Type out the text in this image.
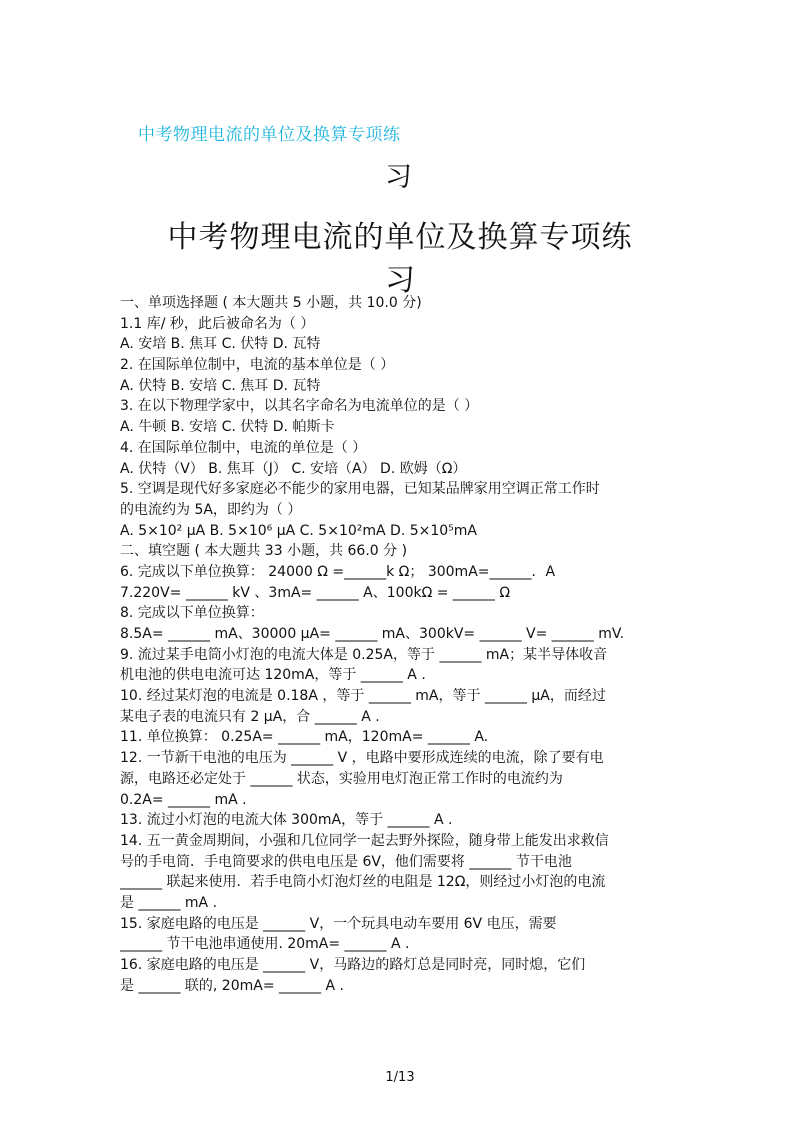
中考物理电流的单位及换算专项练
习
中考物理电流的单位及换算专项练
习
一、单项选择题 ( 本大题共 5 小题，共 10.0 分)
1.1 库/ 秒，此后被命名为（ ）
A. 安培 B. 焦耳 C. 伏特 D. 瓦特
2. 在国际单位制中，电流的基本单位是（ ）
A. 伏特 B. 安培 C. 焦耳 D. 瓦特
3. 在以下物理学家中，以其名字命名为电流单位的是（ ）
A. 牛顿 B. 安培 C. 伏特 D. 帕斯卡
4. 在国际单位制中，电流的单位是（ ）
A. 伏特（V） B. 焦耳（J） C. 安培（A） D. 欧姆（Ω）
5. 空调是现代好多家庭必不能少的家用电器，已知某品牌家用空调正常工作时
的电流约为 5A，即约为（ ）
A. 5×10² μA B. 5×10⁶ μA C. 5×10²mA D. 5×10⁵mA
二、填空题 ( 本大题共 33 小题，共 66.0 分 )
6. 完成以下单位换算： 24000 Ω =______k Ω； 300mA=______．A
7.220V= ______ kV 、3mA= ______ A、100kΩ = ______ Ω
8. 完成以下单位换算：
8.5A= ______ mA、30000 μA= ______ mA、300kV= ______ V= ______ mV.
9. 流过某手电筒小灯泡的电流大体是 0.25A，等于 ______ mA；某半导体收音
机电池的供电电流可达 120mA，等于 ______ A .
10. 经过某灯泡的电流是 0.18A ，等于 ______ mA，等于 ______ μA，而经过
某电子表的电流只有 2 μA，合 ______ A .
11. 单位换算： 0.25A= ______ mA，120mA= ______ A.
12. 一节新干电池的电压为 ______ V ，电路中要形成连续的电流，除了要有电
源，电路还必定处于 ______ 状态，实验用电灯泡正常工作时的电流约为
0.2A= ______ mA .
13. 流过小灯泡的电流大体 300mA，等于 ______ A .
14. 五一黄金周期间，小强和几位同学一起去野外探险，随身带上能发出求救信
号的手电筒．手电筒要求的供电电压是 6V，他们需要将 ______ 节干电池
______ 联起来使用．若手电筒小灯泡灯丝的电阻是 12Ω，则经过小灯泡的电流
是 ______ mA .
15. 家庭电路的电压是 ______ V，一个玩具电动车要用 6V 电压，需要
______ 节干电池串通使用. 20mA= ______ A .
16. 家庭电路的电压是 ______ V，马路边的路灯总是同时亮，同时熄，它们
是 ______ 联的, 20mA= ______ A .
1/13
